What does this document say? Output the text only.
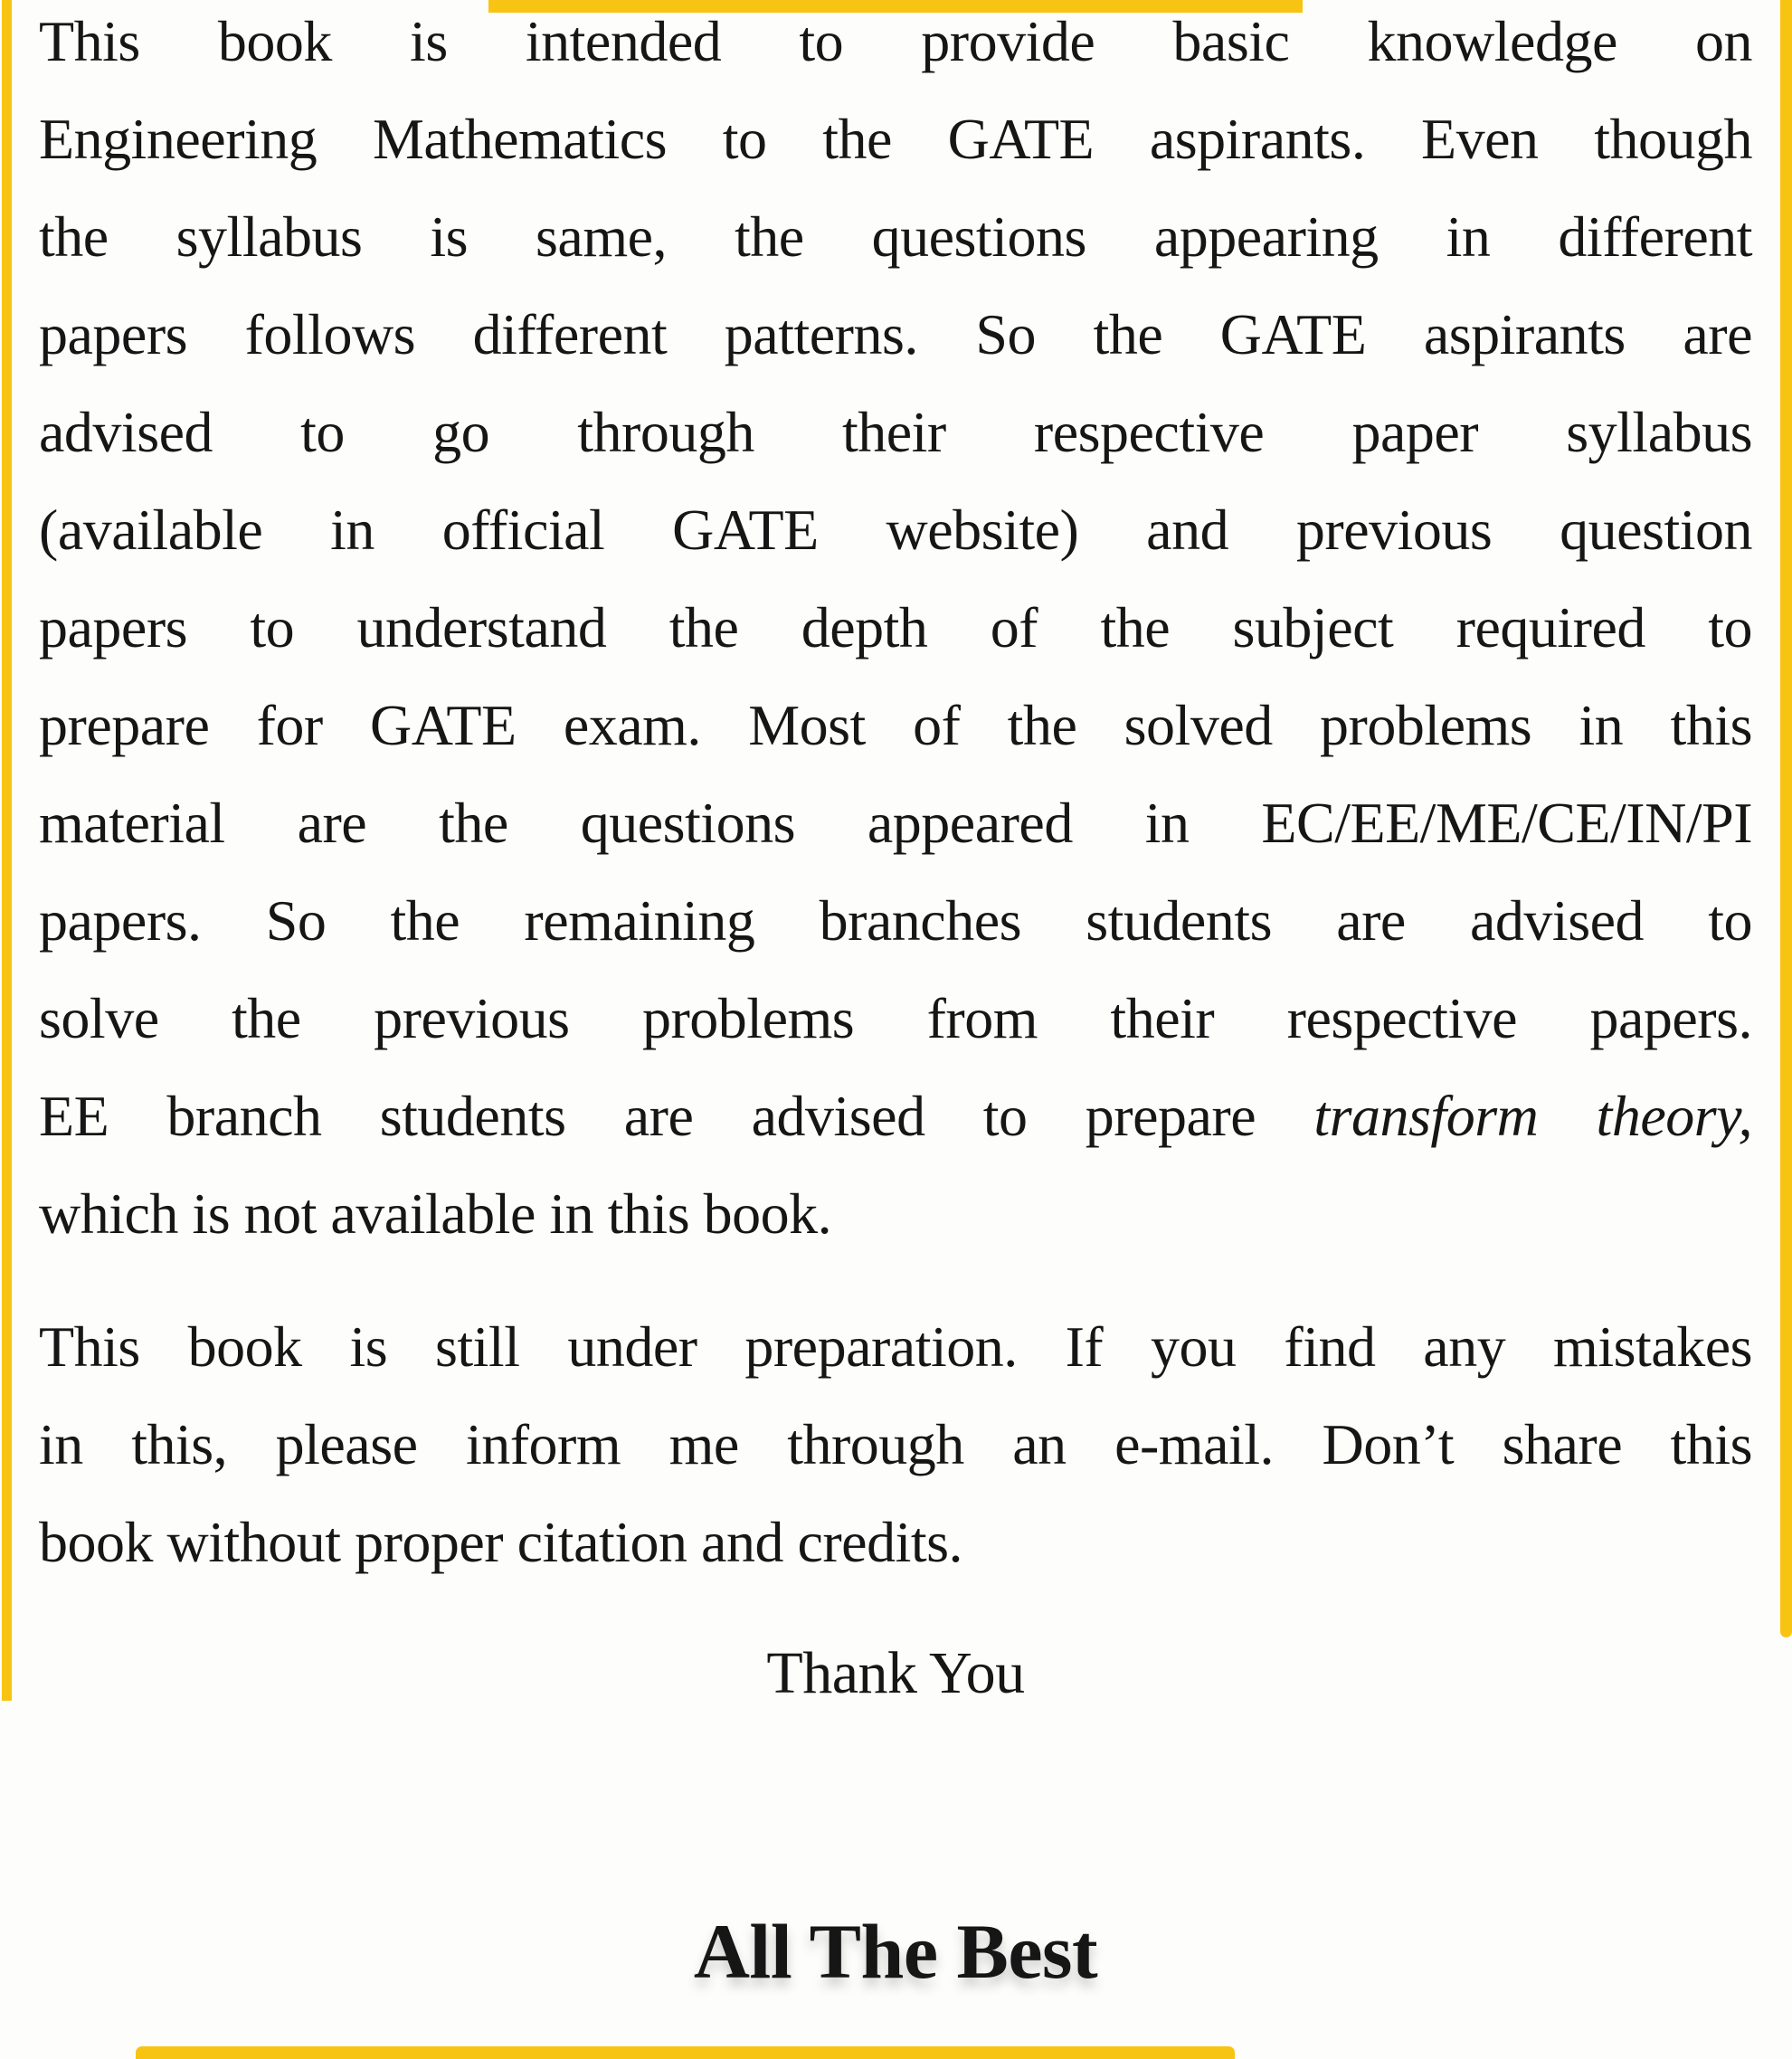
This book is intended to provide basic knowledge on
Engineering Mathematics to the GATE aspirants. Even though
the syllabus is same, the questions appearing in different
papers follows different patterns. So the GATE aspirants are
advised to go through their respective paper syllabus
(available in official GATE website) and previous question
papers to understand the depth of the subject required to
prepare for GATE exam. Most of the solved problems in this
material are the questions appeared in EC/EE/ME/CE/IN/PI
papers. So the remaining branches students are advised to
solve the previous problems from their respective papers.
EE branch students are advised to prepare transform theory,
which is not available in this book.
This book is still under preparation. If you find any mistakes
in this, please inform me through an e-mail. Don’t share this
book without proper citation and credits.
Thank You
All The Best
